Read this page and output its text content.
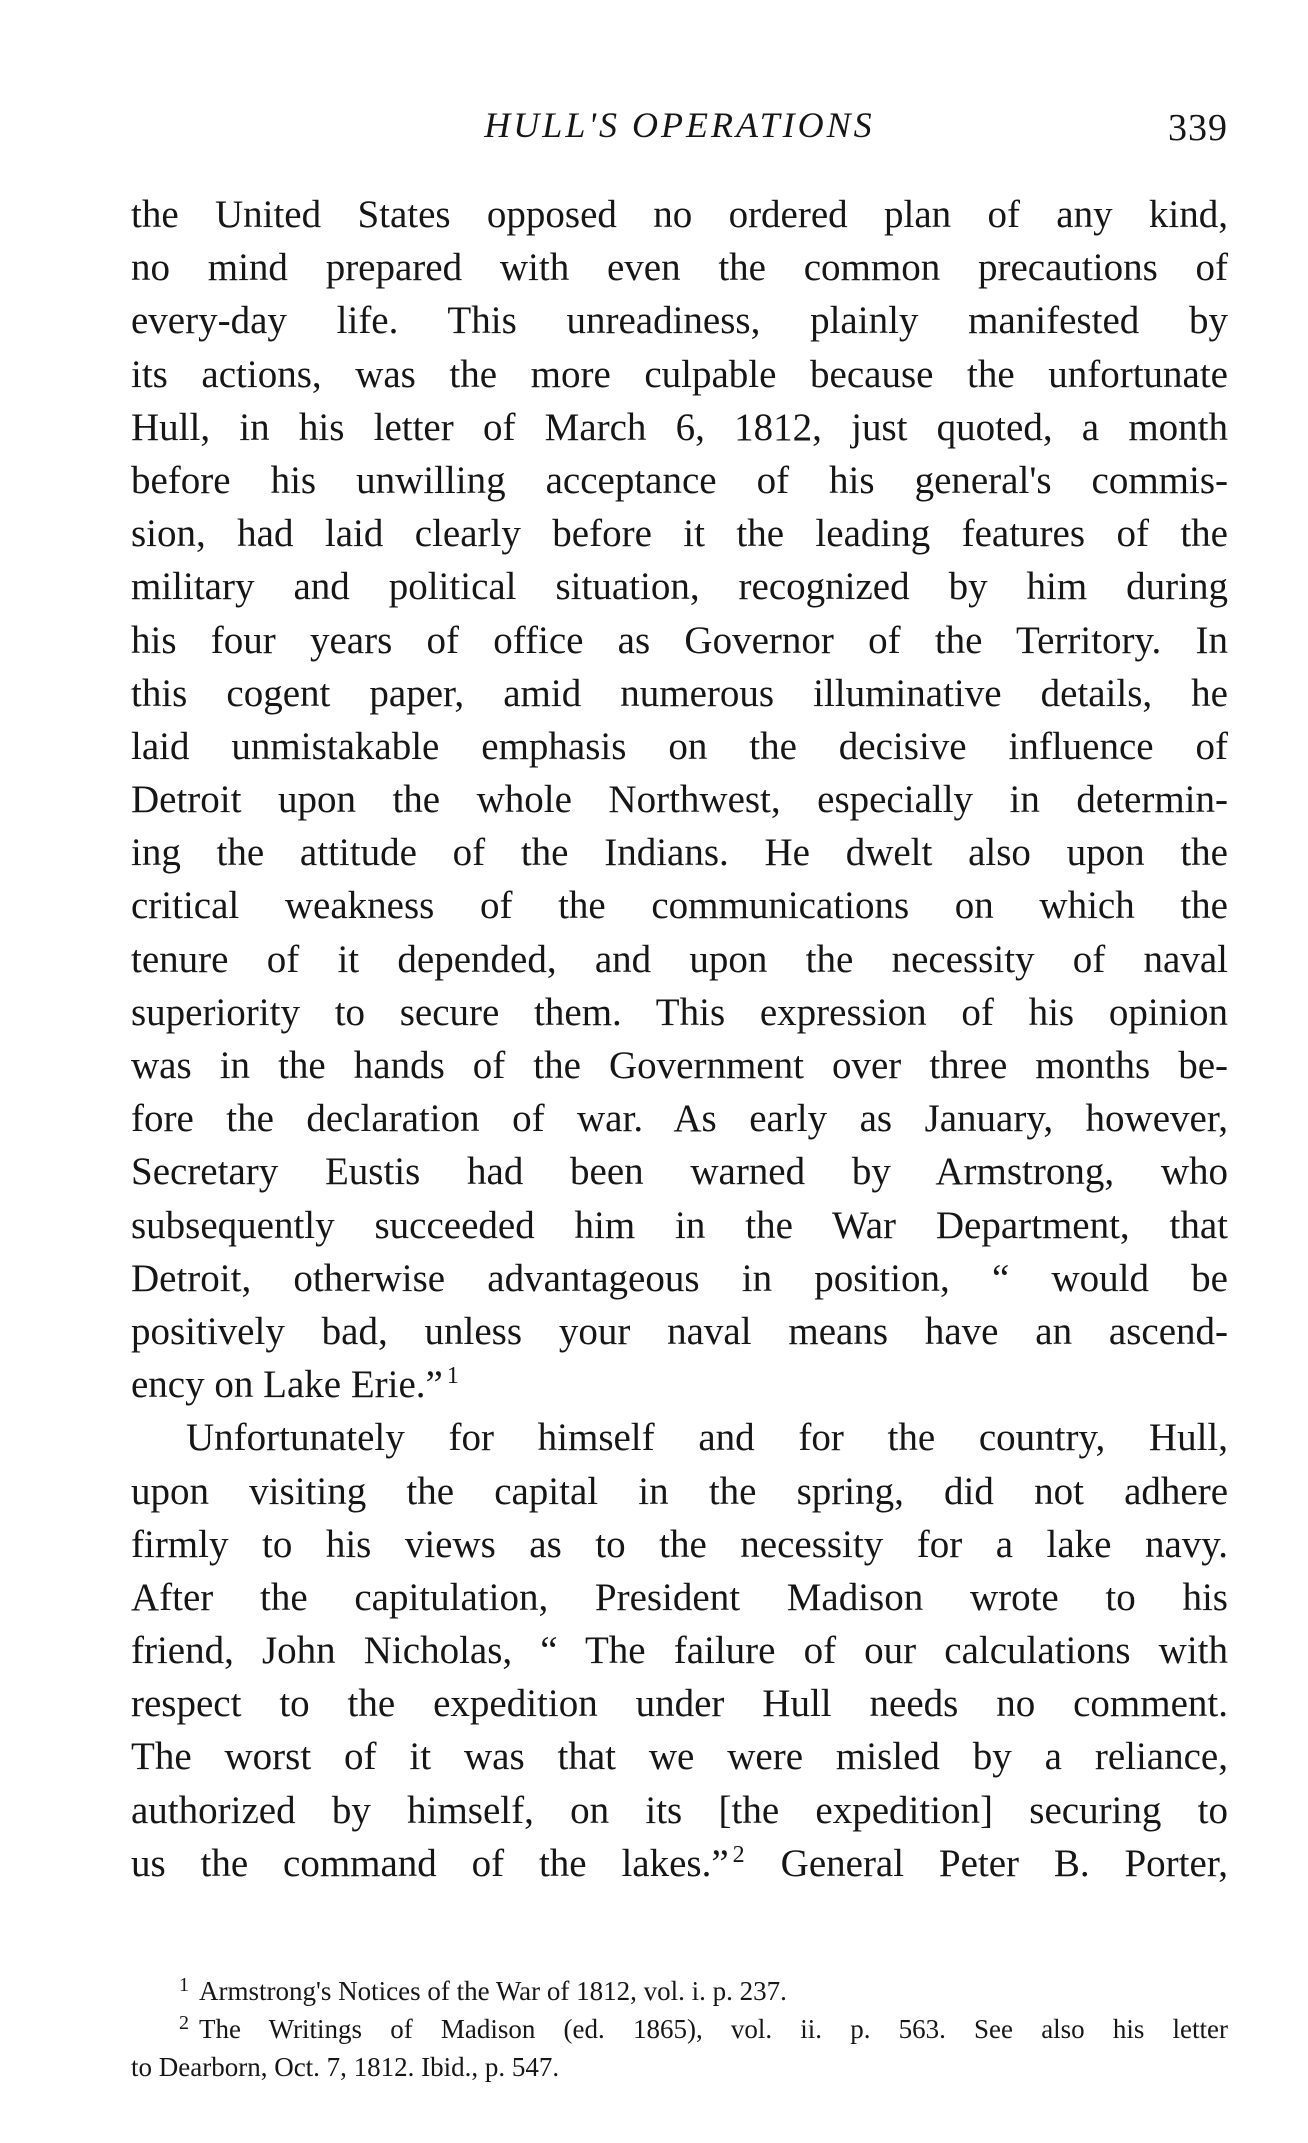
HULL'S OPERATIONS	339
the United States opposed no ordered plan of any kind,
no mind prepared with even the common precautions of
every-day life. This unreadiness, plainly manifested by
its actions, was the more culpable because the unfortunate
Hull, in his letter of March 6, 1812, just quoted, a month
before his unwilling acceptance of his general's commis-
sion, had laid clearly before it the leading features of the
military and political situation, recognized by him during
his four years of office as Governor of the Territory. In
this cogent paper, amid numerous illuminative details, he
laid unmistakable emphasis on the decisive influence of
Detroit upon the whole Northwest, especially in determin-
ing the attitude of the Indians. He dwelt also upon the
critical weakness of the communications on which the
tenure of it depended, and upon the necessity of naval
superiority to secure them. This expression of his opinion
was in the hands of the Government over three months be-
fore the declaration of war. As early as January, however,
Secretary Eustis had been warned by Armstrong, who
subsequently succeeded him in the War Department, that
Detroit, otherwise advantageous in position, “ would be
positively bad, unless your naval means have an ascend-
ency on Lake Erie.” $^1$
Unfortunately for himself and for the country, Hull,
upon visiting the capital in the spring, did not adhere
firmly to his views as to the necessity for a lake navy.
After the capitulation, President Madison wrote to his
friend, John Nicholas, “ The failure of our calculations with
respect to the expedition under Hull needs no comment.
The worst of it was that we were misled by a reliance,
authorized by himself, on its [the expedition] securing to
us the command of the lakes.” $^2$ General Peter B. Porter,
$^1$ Armstrong's Notices of the War of 1812, vol. i. p. 237.
$^2$ The Writings of Madison (ed. 1865), vol. ii. p. 563. See also his letter
to Dearborn, Oct. 7, 1812. Ibid., p. 547.
